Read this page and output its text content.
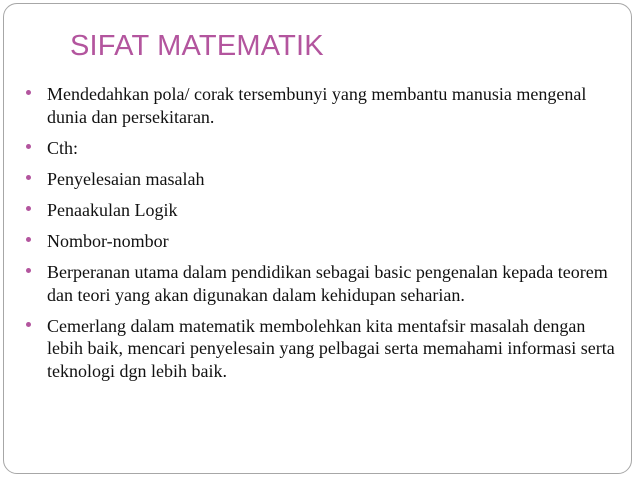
SIFAT MATEMATIK
Mendedahkan pola/ corak tersembunyi yang membantu manusia mengenal dunia dan persekitaran.
Cth:
Penyelesaian masalah
Penaakulan Logik
Nombor-nombor
Berperanan utama dalam pendidikan sebagai basic pengenalan kepada teorem dan teori yang akan digunakan dalam kehidupan seharian.
Cemerlang dalam matematik membolehkan kita mentafsir masalah dengan lebih baik, mencari penyelesain yang pelbagai serta memahami informasi serta teknologi dgn lebih baik.
